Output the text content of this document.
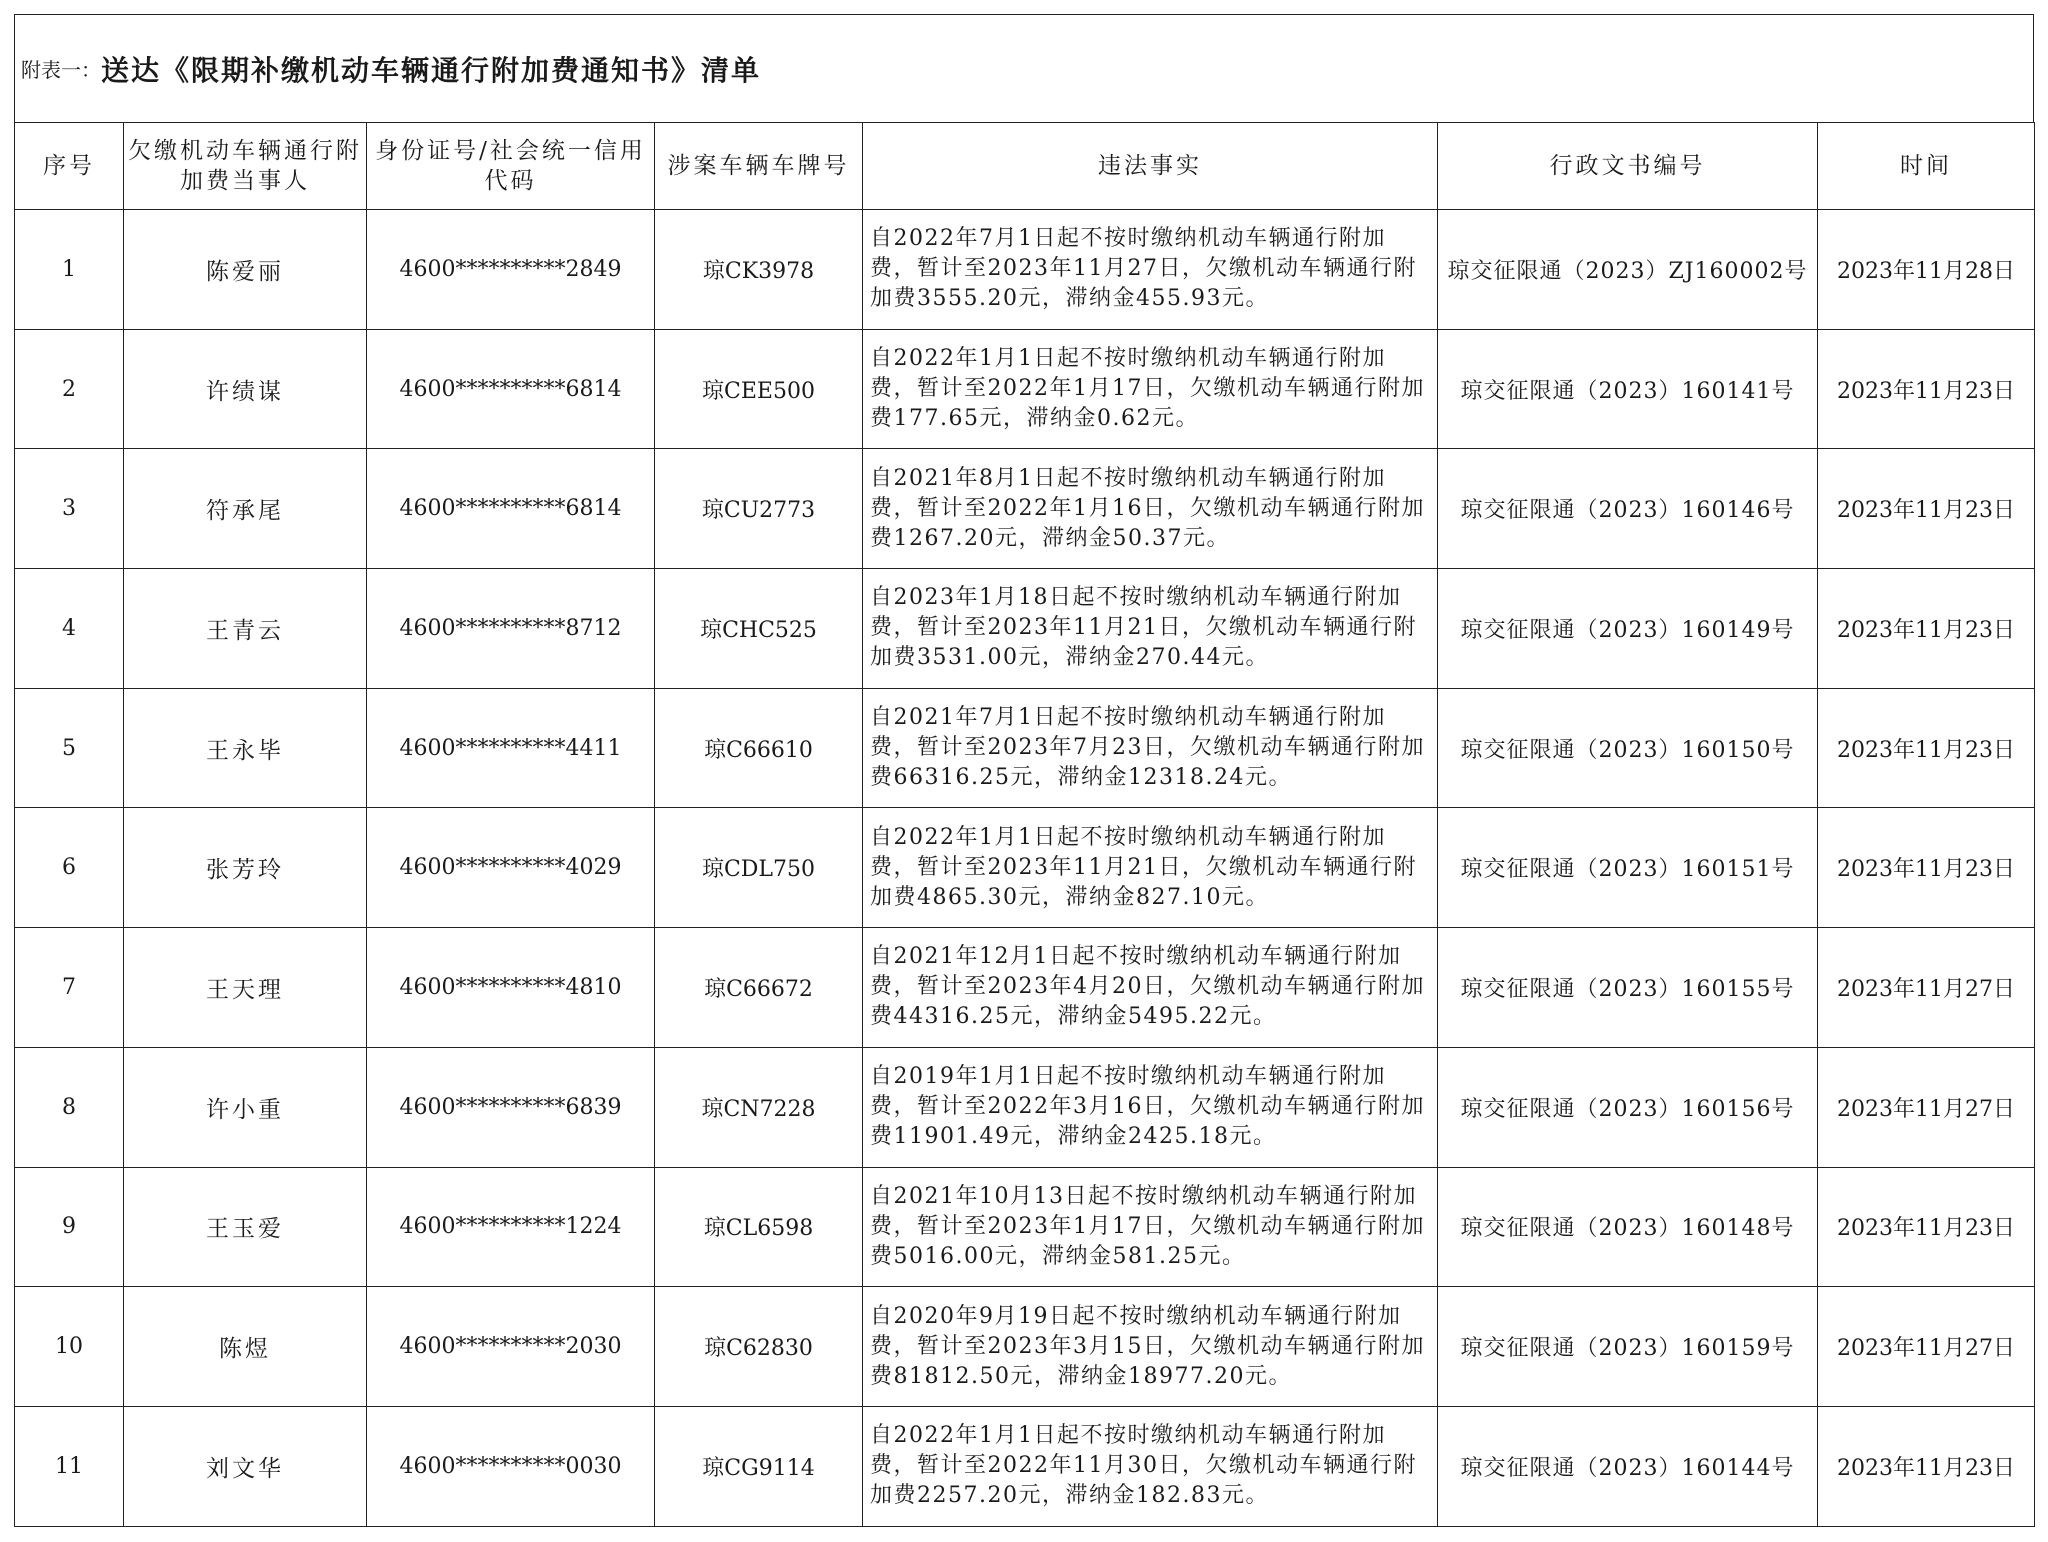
附表一： 送达《限期补缴机动车辆通行附加费通知书》清单
序号	欠缴机动车辆通行附加费当事人	身份证号/社会统一信用代码	涉案车辆车牌号	违法事实	行政文书编号	时间
1	陈爱丽	4600**********2849	琼CK3978	自2022年7月1日起不按时缴纳机动车辆通行附加费，暂计至2023年11月27日，欠缴机动车辆通行附加费3555.20元，滞纳金455.93元。	琼交征限通（2023）ZJ160002号	2023年11月28日
2	许绩谋	4600**********6814	琼CEE500	自2022年1月1日起不按时缴纳机动车辆通行附加费，暂计至2022年1月17日，欠缴机动车辆通行附加费177.65元，滞纳金0.62元。	琼交征限通（2023）160141号	2023年11月23日
3	符承尾	4600**********6814	琼CU2773	自2021年8月1日起不按时缴纳机动车辆通行附加费，暂计至2022年1月16日，欠缴机动车辆通行附加费1267.20元，滞纳金50.37元。	琼交征限通（2023）160146号	2023年11月23日
4	王青云	4600**********8712	琼CHC525	自2023年1月18日起不按时缴纳机动车辆通行附加费，暂计至2023年11月21日，欠缴机动车辆通行附加费3531.00元，滞纳金270.44元。	琼交征限通（2023）160149号	2023年11月23日
5	王永毕	4600**********4411	琼C66610	自2021年7月1日起不按时缴纳机动车辆通行附加费，暂计至2023年7月23日，欠缴机动车辆通行附加费66316.25元，滞纳金12318.24元。	琼交征限通（2023）160150号	2023年11月23日
6	张芳玲	4600**********4029	琼CDL750	自2022年1月1日起不按时缴纳机动车辆通行附加费，暂计至2023年11月21日，欠缴机动车辆通行附加费4865.30元，滞纳金827.10元。	琼交征限通（2023）160151号	2023年11月23日
7	王天理	4600**********4810	琼C66672	自2021年12月1日起不按时缴纳机动车辆通行附加费，暂计至2023年4月20日，欠缴机动车辆通行附加费44316.25元，滞纳金5495.22元。	琼交征限通（2023）160155号	2023年11月27日
8	许小重	4600**********6839	琼CN7228	自2019年1月1日起不按时缴纳机动车辆通行附加费，暂计至2022年3月16日，欠缴机动车辆通行附加费11901.49元，滞纳金2425.18元。	琼交征限通（2023）160156号	2023年11月27日
9	王玉爱	4600**********1224	琼CL6598	自2021年10月13日起不按时缴纳机动车辆通行附加费，暂计至2023年1月17日，欠缴机动车辆通行附加费5016.00元，滞纳金581.25元。	琼交征限通（2023）160148号	2023年11月23日
10	陈煜	4600**********2030	琼C62830	自2020年9月19日起不按时缴纳机动车辆通行附加费，暂计至2023年3月15日，欠缴机动车辆通行附加费81812.50元，滞纳金18977.20元。	琼交征限通（2023）160159号	2023年11月27日
11	刘文华	4600**********0030	琼CG9114	自2022年1月1日起不按时缴纳机动车辆通行附加费，暂计至2022年11月30日，欠缴机动车辆通行附加费2257.20元，滞纳金182.83元。	琼交征限通（2023）160144号	2023年11月23日
